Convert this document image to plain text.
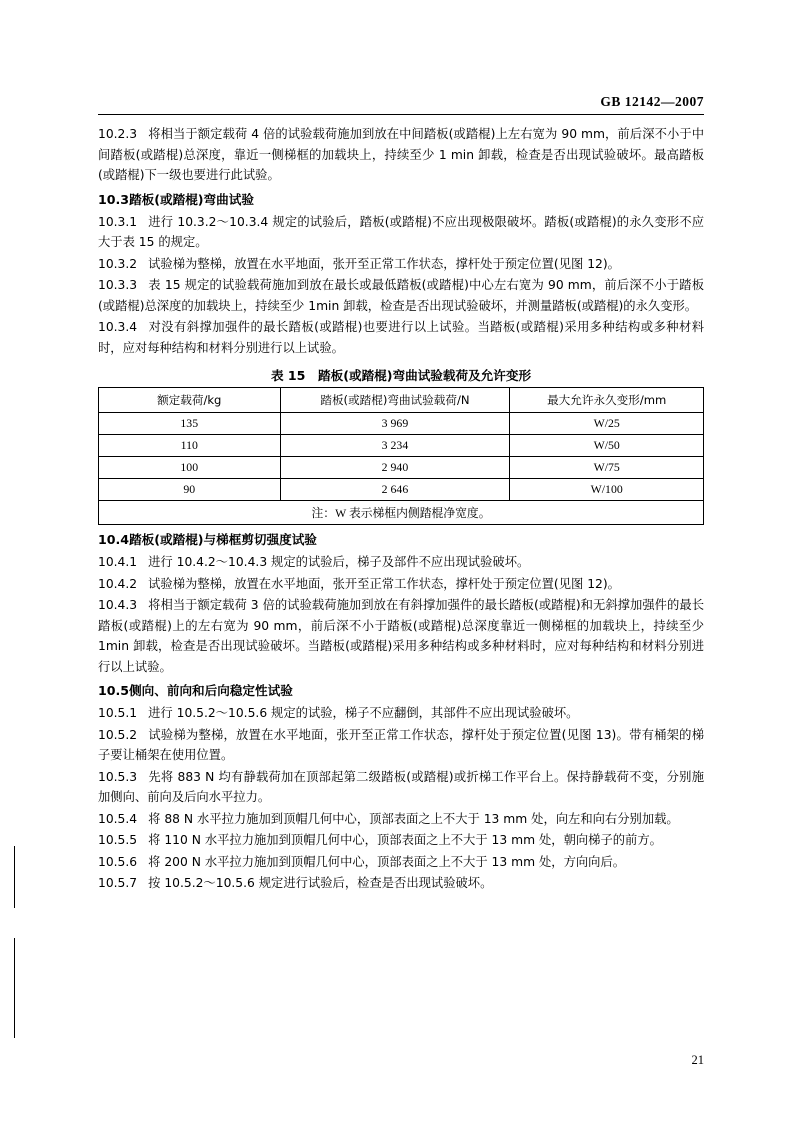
GB 12142—2007

10.2.3 将相当于额定载荷 4 倍的试验载荷施加到放在中间踏板(或踏棍)上左右宽为 90 mm，前后深不小于中间踏板(或踏棍)总深度，靠近一侧梯框的加载块上，持续至少 1 min 卸载，检查是否出现试验破坏。最高踏板(或踏棍)下一级也要进行此试验。

10.3踏板(或踏棍)弯曲试验

10.3.1 进行 10.3.2～10.3.4 规定的试验后，踏板(或踏棍)不应出现极限破坏。踏板(或踏棍)的永久变形不应大于表 15 的规定。

10.3.2 试验梯为整梯，放置在水平地面，张开至正常工作状态，撑杆处于预定位置(见图 12)。

10.3.3 表 15 规定的试验载荷施加到放在最长或最低踏板(或踏棍)中心左右宽为 90 mm，前后深不小于踏板(或踏棍)总深度的加载块上，持续至少 1min 卸载，检查是否出现试验破坏，并测量踏板(或踏棍)的永久变形。

10.3.4 对没有斜撑加强件的最长踏板(或踏棍)也要进行以上试验。当踏板(或踏棍)采用多种结构或多种材料时，应对每种结构和材料分别进行以上试验。

表 15　踏板(或踏棍)弯曲试验载荷及允许变形
额定载荷/kg	踏板(或踏棍)弯曲试验载荷/N	最大允许永久变形/mm
135	3 969	W/25
110	3 234	W/50
100	2 940	W/75
90	2 646	W/100
注：W 表示梯框内侧踏棍净宽度。		

10.4踏板(或踏棍)与梯框剪切强度试验

10.4.1 进行 10.4.2～10.4.3 规定的试验后，梯子及部件不应出现试验破坏。

10.4.2 试验梯为整梯，放置在水平地面，张开至正常工作状态，撑杆处于预定位置(见图 12)。

10.4.3 将相当于额定载荷 3 倍的试验载荷施加到放在有斜撑加强件的最长踏板(或踏棍)和无斜撑加强件的最长踏板(或踏棍)上的左右宽为 90 mm，前后深不小于踏板(或踏棍)总深度靠近一侧梯框的加载块上，持续至少 1min 卸载，检查是否出现试验破坏。当踏板(或踏棍)采用多种结构或多种材料时，应对每种结构和材料分别进行以上试验。

10.5侧向、前向和后向稳定性试验

10.5.1 进行 10.5.2～10.5.6 规定的试验，梯子不应翻倒，其部件不应出现试验破坏。

10.5.2 试验梯为整梯，放置在水平地面，张开至正常工作状态，撑杆处于预定位置(见图 13)。带有桶架的梯子要让桶架在使用位置。

10.5.3 先将 883 N 均有静载荷加在顶部起第二级踏板(或踏棍)或折梯工作平台上。保持静载荷不变，分别施加侧向、前向及后向水平拉力。

10.5.4 将 88 N 水平拉力施加到顶帽几何中心，顶部表面之上不大于 13 mm 处，向左和向右分别加载。

10.5.5 将 110 N 水平拉力施加到顶帽几何中心，顶部表面之上不大于 13 mm 处，朝向梯子的前方。

10.5.6 将 200 N 水平拉力施加到顶帽几何中心，顶部表面之上不大于 13 mm 处，方向向后。

10.5.7 按 10.5.2～10.5.6 规定进行试验后，检查是否出现试验破坏。

21
